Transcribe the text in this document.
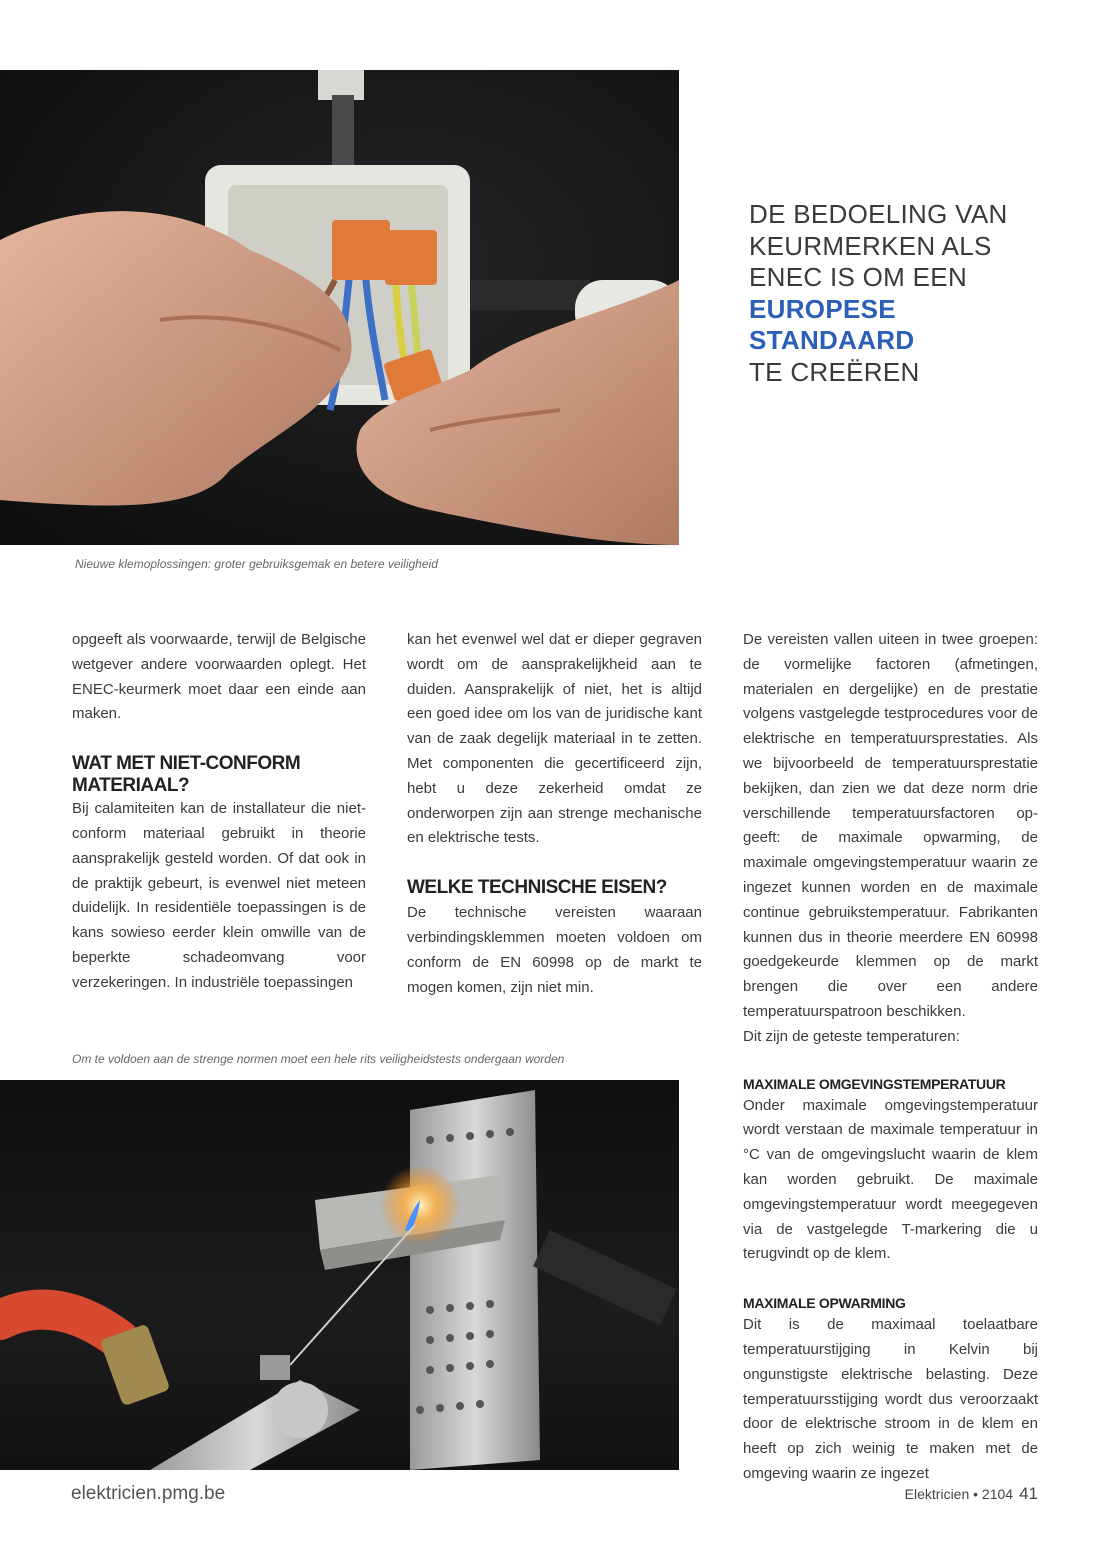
Nieuwe klemoplossingen: groter gebruiksgemak en betere veiligheid
DE BEDOELING VAN
KEURMERKEN ALS
ENEC IS OM EEN
EUROPESE
STANDAARD
TE CREËREN

opgeeft als voorwaarde, terwijl de Belgische wetgever andere voorwaarden oplegt. Het ENEC-keurmerk moet daar een einde aan maken.

WAT MET NIET-CONFORM MATERIAAL?

Bij calamiteiten kan de installateur die niet-conform materiaal gebruikt in theorie aansprakelijk gesteld worden. Of dat ook in de praktijk gebeurt, is evenwel niet meteen duidelijk. In residentiële toepassingen is de kans sowieso eerder klein omwille van de beperkte schadeomvang voor verzekeringen. In industriële toepassingen

kan het evenwel wel dat er dieper gegraven wordt om de aansprakelijkheid aan te duiden. Aansprakelijk of niet, het is altijd een goed idee om los van de juridische kant van de zaak degelijk materiaal in te zetten. Met componenten die gecertificeerd zijn, hebt u deze zekerheid omdat ze onderworpen zijn aan strenge mechanische en elektrische tests.

WELKE TECHNISCHE EISEN?

De technische vereisten waaraan verbindingsklemmen moeten voldoen om conform de EN 60998 op de markt te mogen komen, zijn niet min.

De vereisten vallen uiteen in twee groepen: de vormelijke factoren (afmetingen, materialen en dergelijke) en de prestatie volgens vastgelegde testprocedures voor de elektrische en temperatuursprestaties. Als we bijvoorbeeld de temperatuursprestatie bekijken, dan zien we dat deze norm drie verschillende temperatuursfactoren op-geeft: de maximale opwarming, de maximale omgevingstemperatuur waarin ze ingezet kunnen worden en de maximale continue gebruikstemperatuur. Fabrikanten kunnen dus in theorie meerdere EN 60998 goedgekeurde klemmen op de markt brengen die over een andere temperatuurspatroon beschikken.

Dit zijn de geteste temperaturen:

MAXIMALE OMGEVINGSTEMPERATUUR

Onder maximale omgevingstemperatuur wordt verstaan de maximale temperatuur in °C van de omgevingslucht waarin de klem kan worden gebruikt. De maximale omgevingstemperatuur wordt meegegeven via de vastgelegde T-markering die u terugvindt op de klem.

MAXIMALE OPWARMING

Dit is de maximaal toelaatbare temperatuurstijging in Kelvin bij ongunstigste elektrische belasting. Deze temperatuursstijging wordt dus veroorzaakt door de elektrische stroom in de klem en heeft op zich weinig te maken met de omgeving waarin ze ingezet

Om te voldoen aan de strenge normen moet een hele rits veiligheidstests ondergaan worden
elektricien.pmg.be	Elektricien • 2104 41
